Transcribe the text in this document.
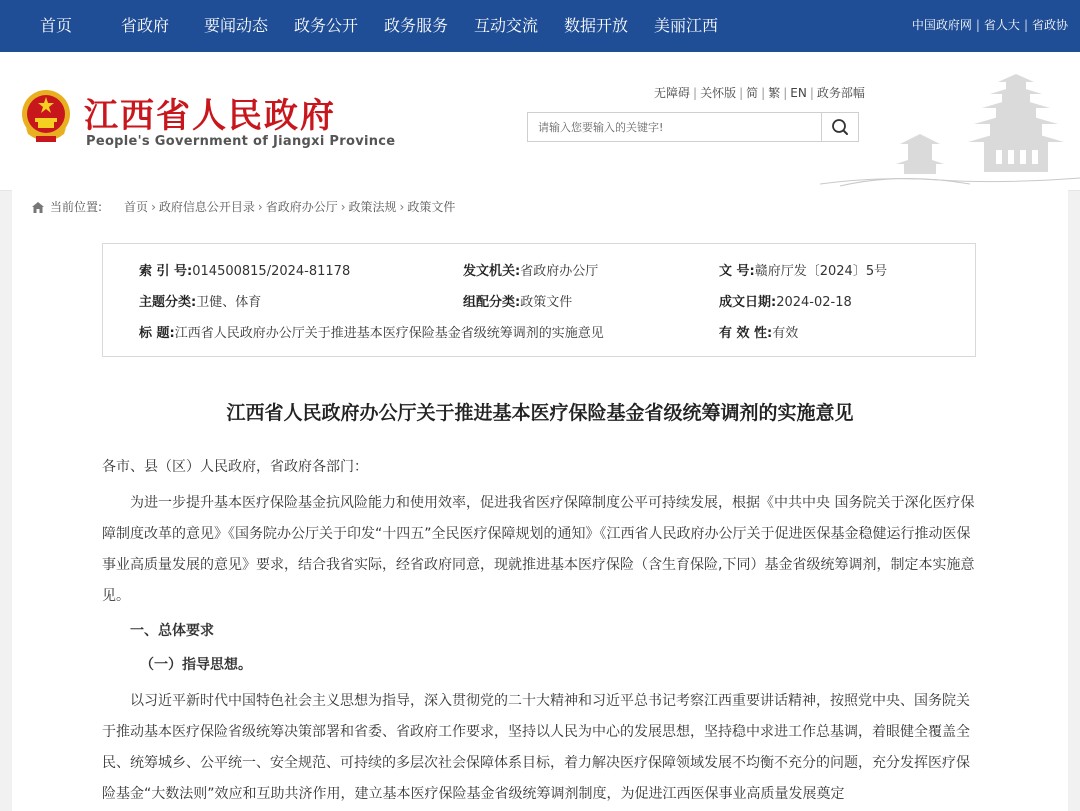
首页	省政府 要闻动态 政务公开 政务服务 互动交流 数据开放 美丽江西	中国政府网 | 省人大 | 省政协
江西省人民政府
People's Government of Jiangxi Province
无障碍 | 关怀版 | 简 | 繁 | EN | 政务部幅
请输入您要输入的关键字!
当前位置: 首页 › 政府信息公开目录 › 省政府办公厅 › 政策法规 › 政策文件
索 引 号:014500815/2024-81178	发文机关:省政府办公厅	文 号:赣府厅发〔2024〕5号
主题分类:卫健、体育	组配分类:政策文件	成文日期:2024-02-18
标 题:江西省人民政府办公厅关于推进基本医疗保险基金省级统筹调剂的实施意见	有 效 性:有效
江西省人民政府办公厅关于推进基本医疗保险基金省级统筹调剂的实施意见
各市、县（区）人民政府，省政府各部门：
为进一步提升基本医疗保险基金抗风险能力和使用效率，促进我省医疗保障制度公平可持续发展，根据《中共中央 国务院关于深化医疗保障制度改革的意见》《国务院办公厅关于印发“十四五”全民医疗保障规划的通知》《江西省人民政府办公厅关于促进医保基金稳健运行推动医保事业高质量发展的意见》要求，结合我省实际，经省政府同意，现就推进基本医疗保险（含生育保险,下同）基金省级统筹调剂，制定本实施意见。
一、总体要求
（一）指导思想。
以习近平新时代中国特色社会主义思想为指导，深入贯彻党的二十大精神和习近平总书记考察江西重要讲话精神，按照党中央、国务院关于推动基本医疗保险省级统筹决策部署和省委、省政府工作要求，坚持以人民为中心的发展思想，坚持稳中求进工作总基调，着眼健全覆盖全民、统筹城乡、公平统一、安全规范、可持续的多层次社会保障体系目标，着力解决医疗保障领域发展不均衡不充分的问题，充分发挥医疗保险基金“大数法则”效应和互助共济作用，建立基本医疗保险基金省级统筹调剂制度，为促进江西医保事业高质量发展奠定
